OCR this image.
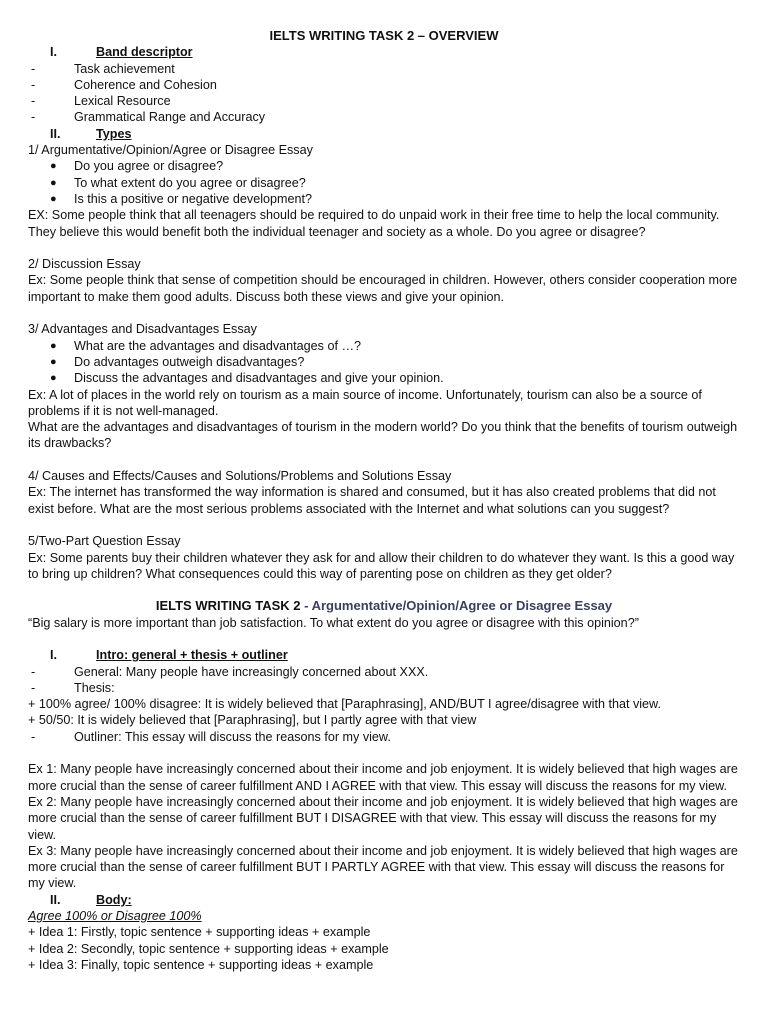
IELTS WRITING TASK 2 – OVERVIEW
I.	Band descriptor
-	Task achievement
-	Coherence and Cohesion
-	Lexical Resource
-	Grammatical Range and Accuracy
II.	Types

1/ Argumentative/Opinion/Agree or Disagree Essay

●	Do you agree or disagree?
●	To what extent do you agree or disagree?
●	Is this a positive or negative development?

EX: Some people think that all teenagers should be required to do unpaid work in their free time to help the local community. They believe this would benefit both the individual teenager and society as a whole. Do you agree or disagree?

2/ Discussion Essay

Ex: Some people think that sense of competition should be encouraged in children. However, others consider cooperation more important to make them good adults. Discuss both these views and give your opinion.

3/ Advantages and Disadvantages Essay

●	What are the advantages and disadvantages of …?
●	Do advantages outweigh disadvantages?
●	Discuss the advantages and disadvantages and give your opinion.

Ex: A lot of places in the world rely on tourism as a main source of income. Unfortunately, tourism can also be a source of problems if it is not well-managed.

What are the advantages and disadvantages of tourism in the modern world? Do you think that the benefits of tourism outweigh its drawbacks?

4/ Causes and Effects/Causes and Solutions/Problems and Solutions Essay

Ex: The internet has transformed the way information is shared and consumed, but it has also created problems that did not exist before. What are the most serious problems associated with the Internet and what solutions can you suggest?

5/Two-Part Question Essay

Ex: Some parents buy their children whatever they ask for and allow their children to do whatever they want. Is this a good way to bring up children? What consequences could this way of parenting pose on children as they get older?

IELTS WRITING TASK 2 - Argumentative/Opinion/Agree or Disagree Essay

“Big salary is more important than job satisfaction. To what extent do you agree or disagree with this opinion?”

I.	Intro: general + thesis + outliner
-	General: Many people have increasingly concerned about XXX.
-	Thesis:

+ 100% agree/ 100% disagree: It is widely believed that [Paraphrasing], AND/BUT I agree/disagree with that view.

+ 50/50: It is widely believed that [Paraphrasing], but I partly agree with that view

-	Outliner: This essay will discuss the reasons for my view.

Ex 1: Many people have increasingly concerned about their income and job enjoyment. It is widely believed that high wages are more crucial than the sense of career fulfillment AND I AGREE with that view. This essay will discuss the reasons for my view.

Ex 2: Many people have increasingly concerned about their income and job enjoyment. It is widely believed that high wages are more crucial than the sense of career fulfillment BUT I DISAGREE with that view. This essay will discuss the reasons for my view.

Ex 3: Many people have increasingly concerned about their income and job enjoyment. It is widely believed that high wages are more crucial than the sense of career fulfillment BUT I PARTLY AGREE with that view. This essay will discuss the reasons for my view.

II.	Body:

Agree 100% or Disagree 100%

+ Idea 1: Firstly, topic sentence + supporting ideas + example

+ Idea 2: Secondly, topic sentence + supporting ideas + example

+ Idea 3: Finally, topic sentence + supporting ideas + example
